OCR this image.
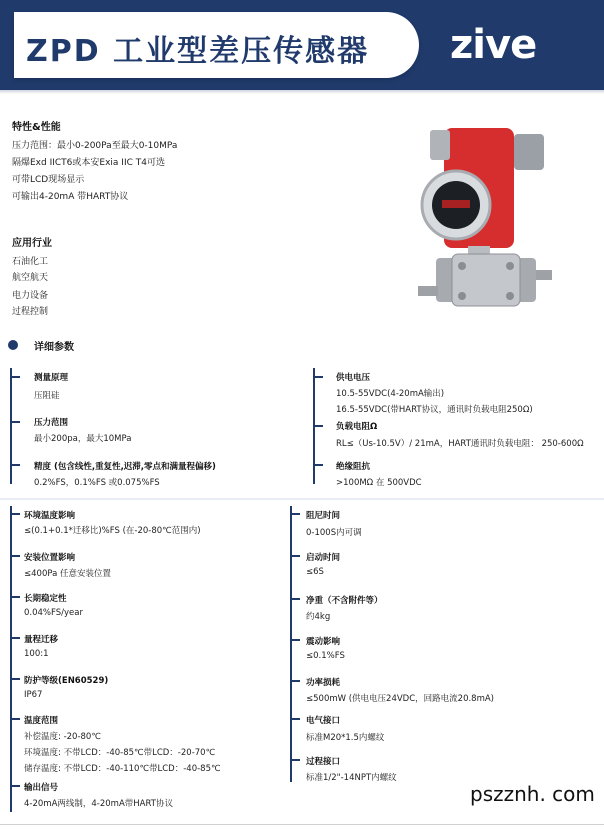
ZPD 工业型差压传感器 zive
特性&性能
压力范围：最小0-200Pa至最大0-10MPa
隔爆Exd IICT6或本安Exia IIC T4可选
可带LCD现场显示
可输出4-20mA 带HART协议
应用行业
石油化工
航空航天
电力设备
过程控制
详细参数
测量原理
压阻硅
压力范围
最小200pa，最大10MPa
精度 (包含线性,重复性,迟滞,零点和满量程偏移)
0.2%FS，0.1%FS 或0.075%FS
供电电压
10.5-55VDC(4-20mA输出)
16.5-55VDC(带HART协议，通讯时负载电阻250Ω)
负载电阻Ω
RL≤（Us-10.5V）/ 21mA，HART通讯时负载电阻： 250-600Ω
绝缘阻抗
>100MΩ 在 500VDC
环境温度影响
≤(0.1+0.1*迁移比)%FS (在-20-80℃范围内)
安装位置影响
≤400Pa 任意安装位置
长期稳定性
0.04%FS/year
量程迁移
100:1
防护等级(EN60529)
IP67
温度范围
补偿温度: -20-80℃
环境温度: 不带LCD：-40-85℃带LCD：-20-70℃
储存温度: 不带LCD：-40-110℃带LCD：-40-85℃
输出信号
4-20mA两线制，4-20mA带HART协议
阻尼时间
0-100S内可调
启动时间
≤6S
净重（不含附件等）
约4kg
震动影响
≤0.1%FS
功率损耗
≤500mW (供电电压24VDC，回路电流20.8mA)
电气接口
标准M20*1.5内螺纹
过程接口
标准1/2"-14NPT内螺纹
pszznh. com
